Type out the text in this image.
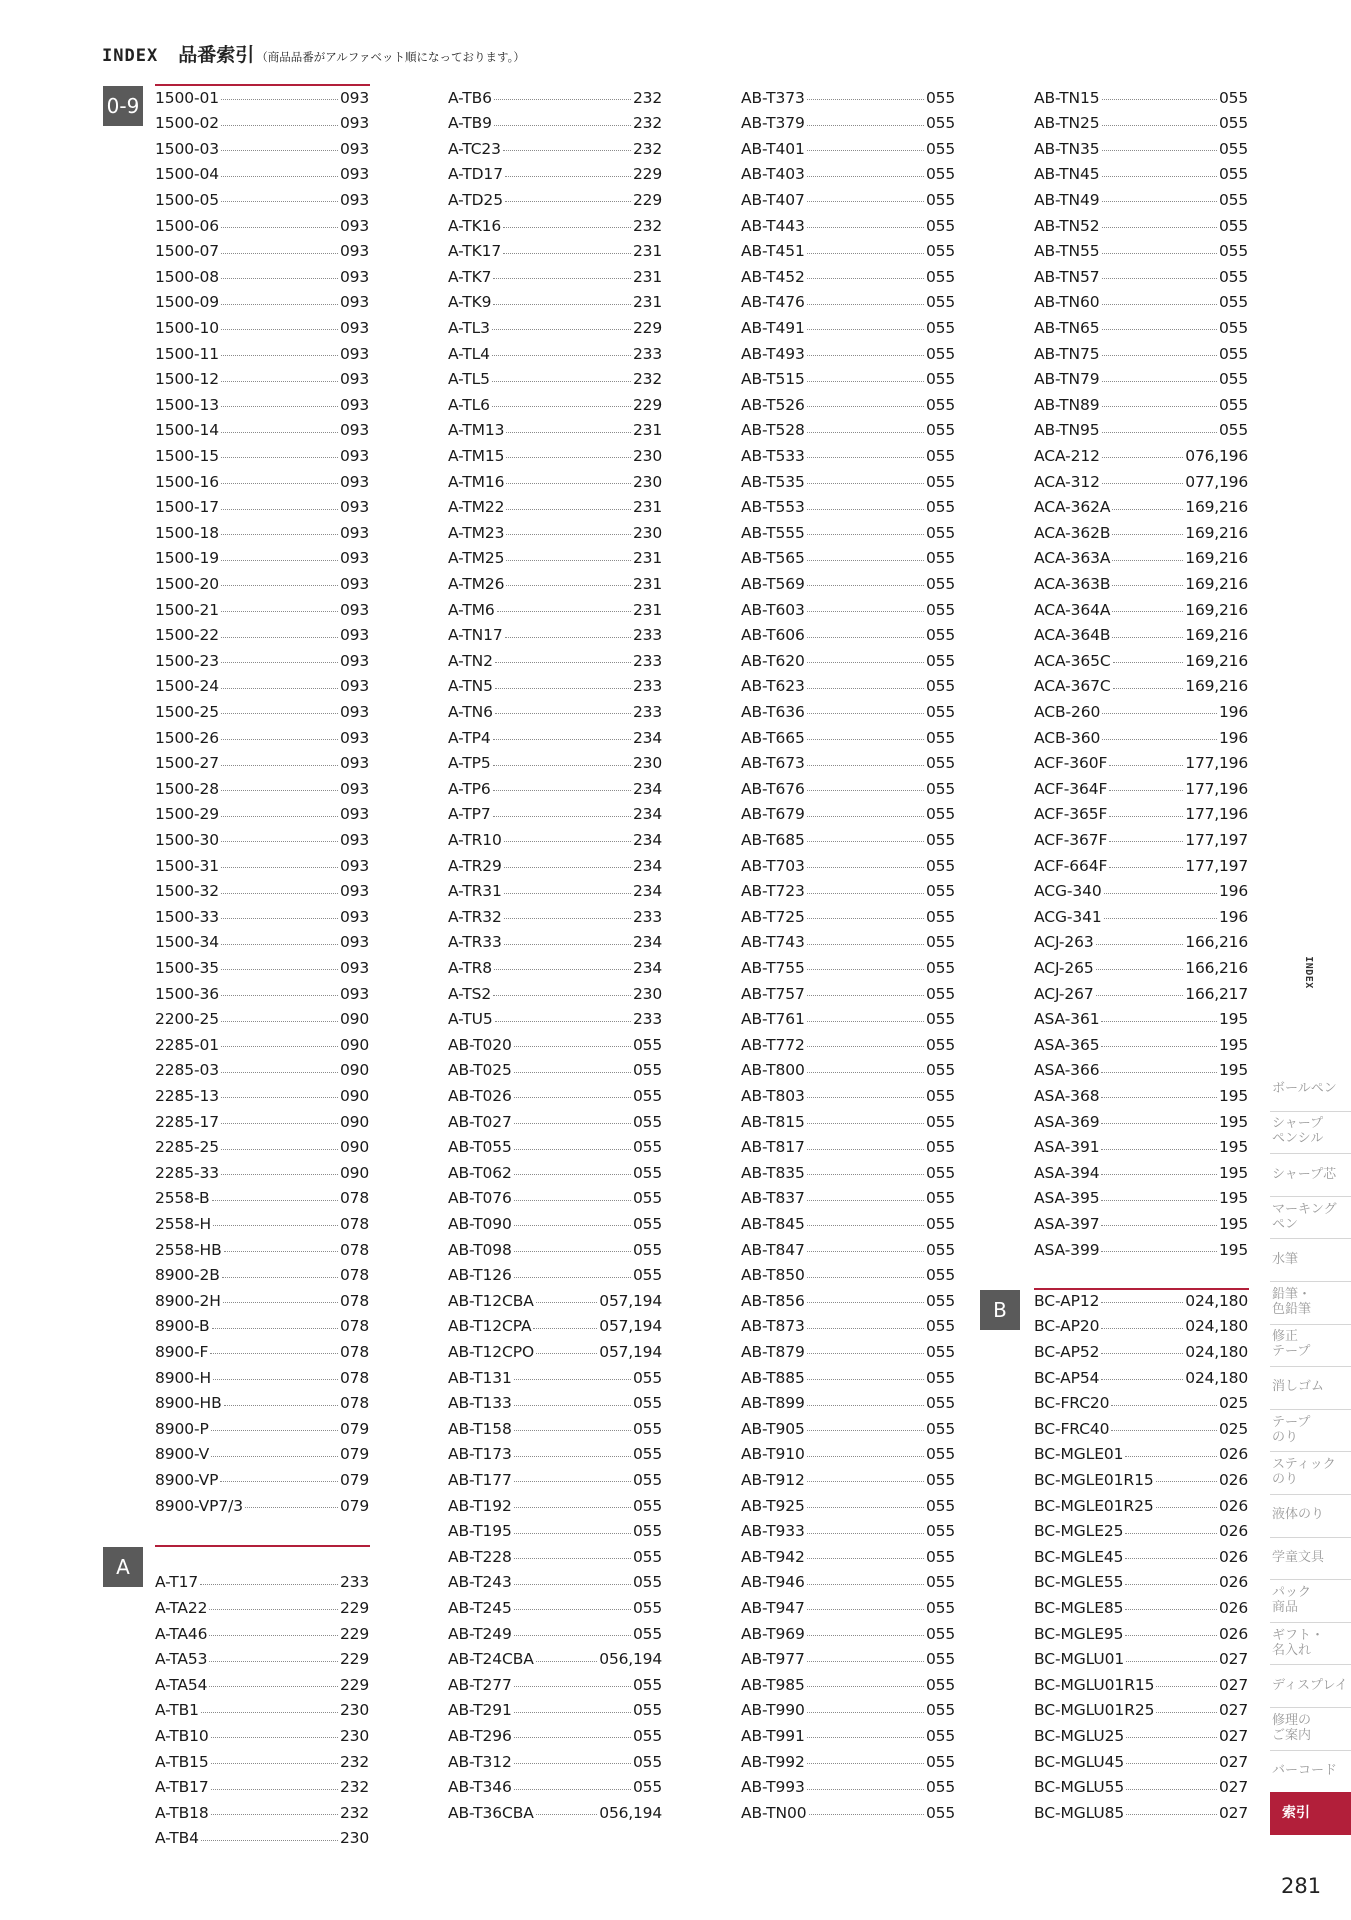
INDEX 品番索引 （商品品番がアルファベット順になっております。）
1500-01	093
1500-02	093
1500-03	093
1500-04	093
1500-05	093
1500-06	093
1500-07	093
1500-08	093
1500-09	093
1500-10	093
1500-11	093
1500-12	093
1500-13	093
1500-14	093
1500-15	093
1500-16	093
1500-17	093
1500-18	093
1500-19	093
1500-20	093
1500-21	093
1500-22	093
1500-23	093
1500-24	093
1500-25	093
1500-26	093
1500-27	093
1500-28	093
1500-29	093
1500-30	093
1500-31	093
1500-32	093
1500-33	093
1500-34	093
1500-35	093
1500-36	093
2200-25	090
2285-01	090
2285-03	090
2285-13	090
2285-17	090
2285-25	090
2285-33	090
2558-B	078
2558-H	078
2558-HB	078
8900-2B	078
8900-2H	078
8900-B	078
8900-F	078
8900-H	078
8900-HB	078
8900-P	079
8900-V	079
8900-VP	079
8900-VP7/3	079
A-T17	233
A-TA22	229
A-TA46	229
A-TA53	229
A-TA54	229
A-TB1	230
A-TB10	230
A-TB15	232
A-TB17	232
A-TB18	232
A-TB4	230
A-TB6	232
A-TB9	232
A-TC23	232
A-TD17	229
A-TD25	229
A-TK16	232
A-TK17	231
A-TK7	231
A-TK9	231
A-TL3	229
A-TL4	233
A-TL5	232
A-TL6	229
A-TM13	231
A-TM15	230
A-TM16	230
A-TM22	231
A-TM23	230
A-TM25	231
A-TM26	231
A-TM6	231
A-TN17	233
A-TN2	233
A-TN5	233
A-TN6	233
A-TP4	234
A-TP5	230
A-TP6	234
A-TP7	234
A-TR10	234
A-TR29	234
A-TR31	234
A-TR32	233
A-TR33	234
A-TR8	234
A-TS2	230
A-TU5	233
AB-T020	055
AB-T025	055
AB-T026	055
AB-T027	055
AB-T055	055
AB-T062	055
AB-T076	055
AB-T090	055
AB-T098	055
AB-T126	055
AB-T12CBA	057,194
AB-T12CPA	057,194
AB-T12CPO	057,194
AB-T131	055
AB-T133	055
AB-T158	055
AB-T173	055
AB-T177	055
AB-T192	055
AB-T195	055
AB-T228	055
AB-T243	055
AB-T245	055
AB-T249	055
AB-T24CBA	056,194
AB-T277	055
AB-T291	055
AB-T296	055
AB-T312	055
AB-T346	055
AB-T36CBA	056,194
AB-T373	055
AB-T379	055
AB-T401	055
AB-T403	055
AB-T407	055
AB-T443	055
AB-T451	055
AB-T452	055
AB-T476	055
AB-T491	055
AB-T493	055
AB-T515	055
AB-T526	055
AB-T528	055
AB-T533	055
AB-T535	055
AB-T553	055
AB-T555	055
AB-T565	055
AB-T569	055
AB-T603	055
AB-T606	055
AB-T620	055
AB-T623	055
AB-T636	055
AB-T665	055
AB-T673	055
AB-T676	055
AB-T679	055
AB-T685	055
AB-T703	055
AB-T723	055
AB-T725	055
AB-T743	055
AB-T755	055
AB-T757	055
AB-T761	055
AB-T772	055
AB-T800	055
AB-T803	055
AB-T815	055
AB-T817	055
AB-T835	055
AB-T837	055
AB-T845	055
AB-T847	055
AB-T850	055
AB-T856	055
AB-T873	055
AB-T879	055
AB-T885	055
AB-T899	055
AB-T905	055
AB-T910	055
AB-T912	055
AB-T925	055
AB-T933	055
AB-T942	055
AB-T946	055
AB-T947	055
AB-T969	055
AB-T977	055
AB-T985	055
AB-T990	055
AB-T991	055
AB-T992	055
AB-T993	055
AB-TN00	055
AB-TN15	055
AB-TN25	055
AB-TN35	055
AB-TN45	055
AB-TN49	055
AB-TN52	055
AB-TN55	055
AB-TN57	055
AB-TN60	055
AB-TN65	055
AB-TN75	055
AB-TN79	055
AB-TN89	055
AB-TN95	055
ACA-212	076,196
ACA-312	077,196
ACA-362A	169,216
ACA-362B	169,216
ACA-363A	169,216
ACA-363B	169,216
ACA-364A	169,216
ACA-364B	169,216
ACA-365C	169,216
ACA-367C	169,216
ACB-260	196
ACB-360	196
ACF-360F	177,196
ACF-364F	177,196
ACF-365F	177,196
ACF-367F	177,197
ACF-664F	177,197
ACG-340	196
ACG-341	196
ACJ-263	166,216
ACJ-265	166,216
ACJ-267	166,217
ASA-361	195
ASA-365	195
ASA-366	195
ASA-368	195
ASA-369	195
ASA-391	195
ASA-394	195
ASA-395	195
ASA-397	195
ASA-399	195
BC-AP12	024,180
BC-AP20	024,180
BC-AP52	024,180
BC-AP54	024,180
BC-FRC20	025
BC-FRC40	025
BC-MGLE01	026
BC-MGLE01R15	026
BC-MGLE01R25	026
BC-MGLE25	026
BC-MGLE45	026
BC-MGLE55	026
BC-MGLE85	026
BC-MGLE95	026
BC-MGLU01	027
BC-MGLU01R15	027
BC-MGLU01R25	027
BC-MGLU25	027
BC-MGLU45	027
BC-MGLU55	027
BC-MGLU85	027
0-9
A
B
INDEX
ボールペン
シャープ
ペンシル
シャープ芯
マーキング
ペン
水筆
鉛筆・
色鉛筆
修正
テープ
消しゴム
テープ
のり
スティック
のり
液体のり
学童文具
パック
商品
ギフト・
名入れ
ディスプレイ
修理の
ご案内
バーコード
索引
281
